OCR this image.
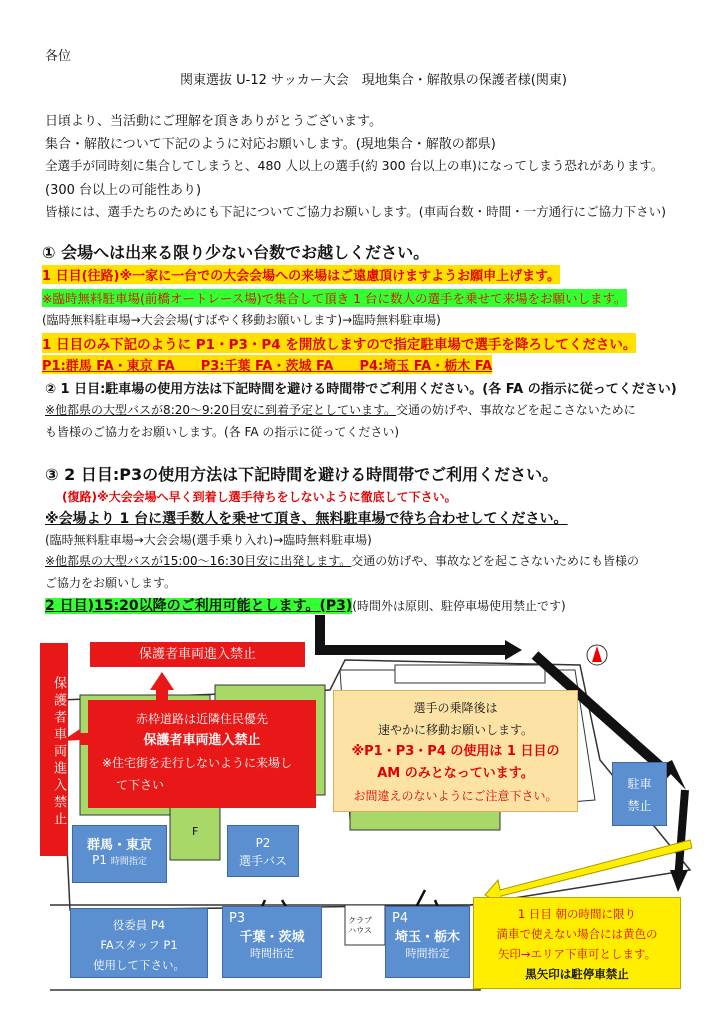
各位
関東選抜 U-12 サッカー大会　現地集合・解散県の保護者様(関東)
日頃より、当活動にご理解を頂きありがとうございます。
集合・解散について下記のように対応お願いします。(現地集合・解散の都県)
全選手が同時刻に集合してしまうと、480 人以上の選手(約 300 台以上の車)になってしまう恐れがあります。
(300 台以上の可能性あり)
皆様には、選手たちのためにも下記についてご協力お願いします。(車両台数・時間・一方通行にご協力下さい)
① 会場へは出来る限り少ない台数でお越しください。
1 日目(往路)※一家に一台での大会会場への来場はご遠慮頂けますようお願申上げます。
※臨時無料駐車場(前橋オートレース場)で集合して頂き 1 台に数人の選手を乗せて来場をお願いします。
(臨時無料駐車場→大会会場(すばやく移動お願いします)→臨時無料駐車場)
1 日目のみ下記のように P1・P3・P4 を開放しますので指定駐車場で選手を降ろしてください。
P1:群馬 FA・東京 FA　　P3:千葉 FA・茨城 FA　　P4:埼玉 FA・栃木 FA
② 1 日目:駐車場の使用方法は下記時間を避ける時間帯でご利用ください。(各 FA の指示に従ってください)
※他都県の大型バスが8:20〜9:20目安に到着予定としています。交通の妨げや、事故などを起こさないために
も皆様のご協力をお願いします。(各 FA の指示に従ってください)
③ 2 日目:P3の使用方法は下記時間を避ける時間帯でご利用ください。
(復路)※大会会場へ早く到着し選手待ちをしないように徹底して下さい。
※会場より 1 台に選手数人を乗せて頂き、無料駐車場で待ち合わせしてください。
(臨時無料駐車場→大会会場(選手乗り入れ)→臨時無料駐車場)
※他都県の大型バスが15:00〜16:30目安に出発します。交通の妨げや、事故などを起こさないためにも皆様の
ご協力をお願いします。
2 日目)15:20以降のご利用可能とします。(P3)(時間外は原則、駐停車場使用禁止です)
保護者車両進入禁止
保護者車両進入禁止
赤枠道路は近隣住民優先
保護者車両進入禁止
※住宅街を走行しないように来場し
て下さい
選手の乗降後は
速やかに移動お願いします。
※P1・P3・P4 の使用は 1 日目の
AM のみとなっています。
お間違えのないようにご注意下さい。
駐車
禁止
F
群馬・東京
P1 時間指定
P2
選手バス
役委員 P4
FAスタッフ P1
使用して下さい。
P3
千葉・茨城
時間指定
クラブ
ハウス
P4
埼玉・栃木
時間指定
1 日目 朝の時間に限り
満車で使えない場合には黄色の
矢印→エリア下車可とします。
黒矢印は駐停車禁止
